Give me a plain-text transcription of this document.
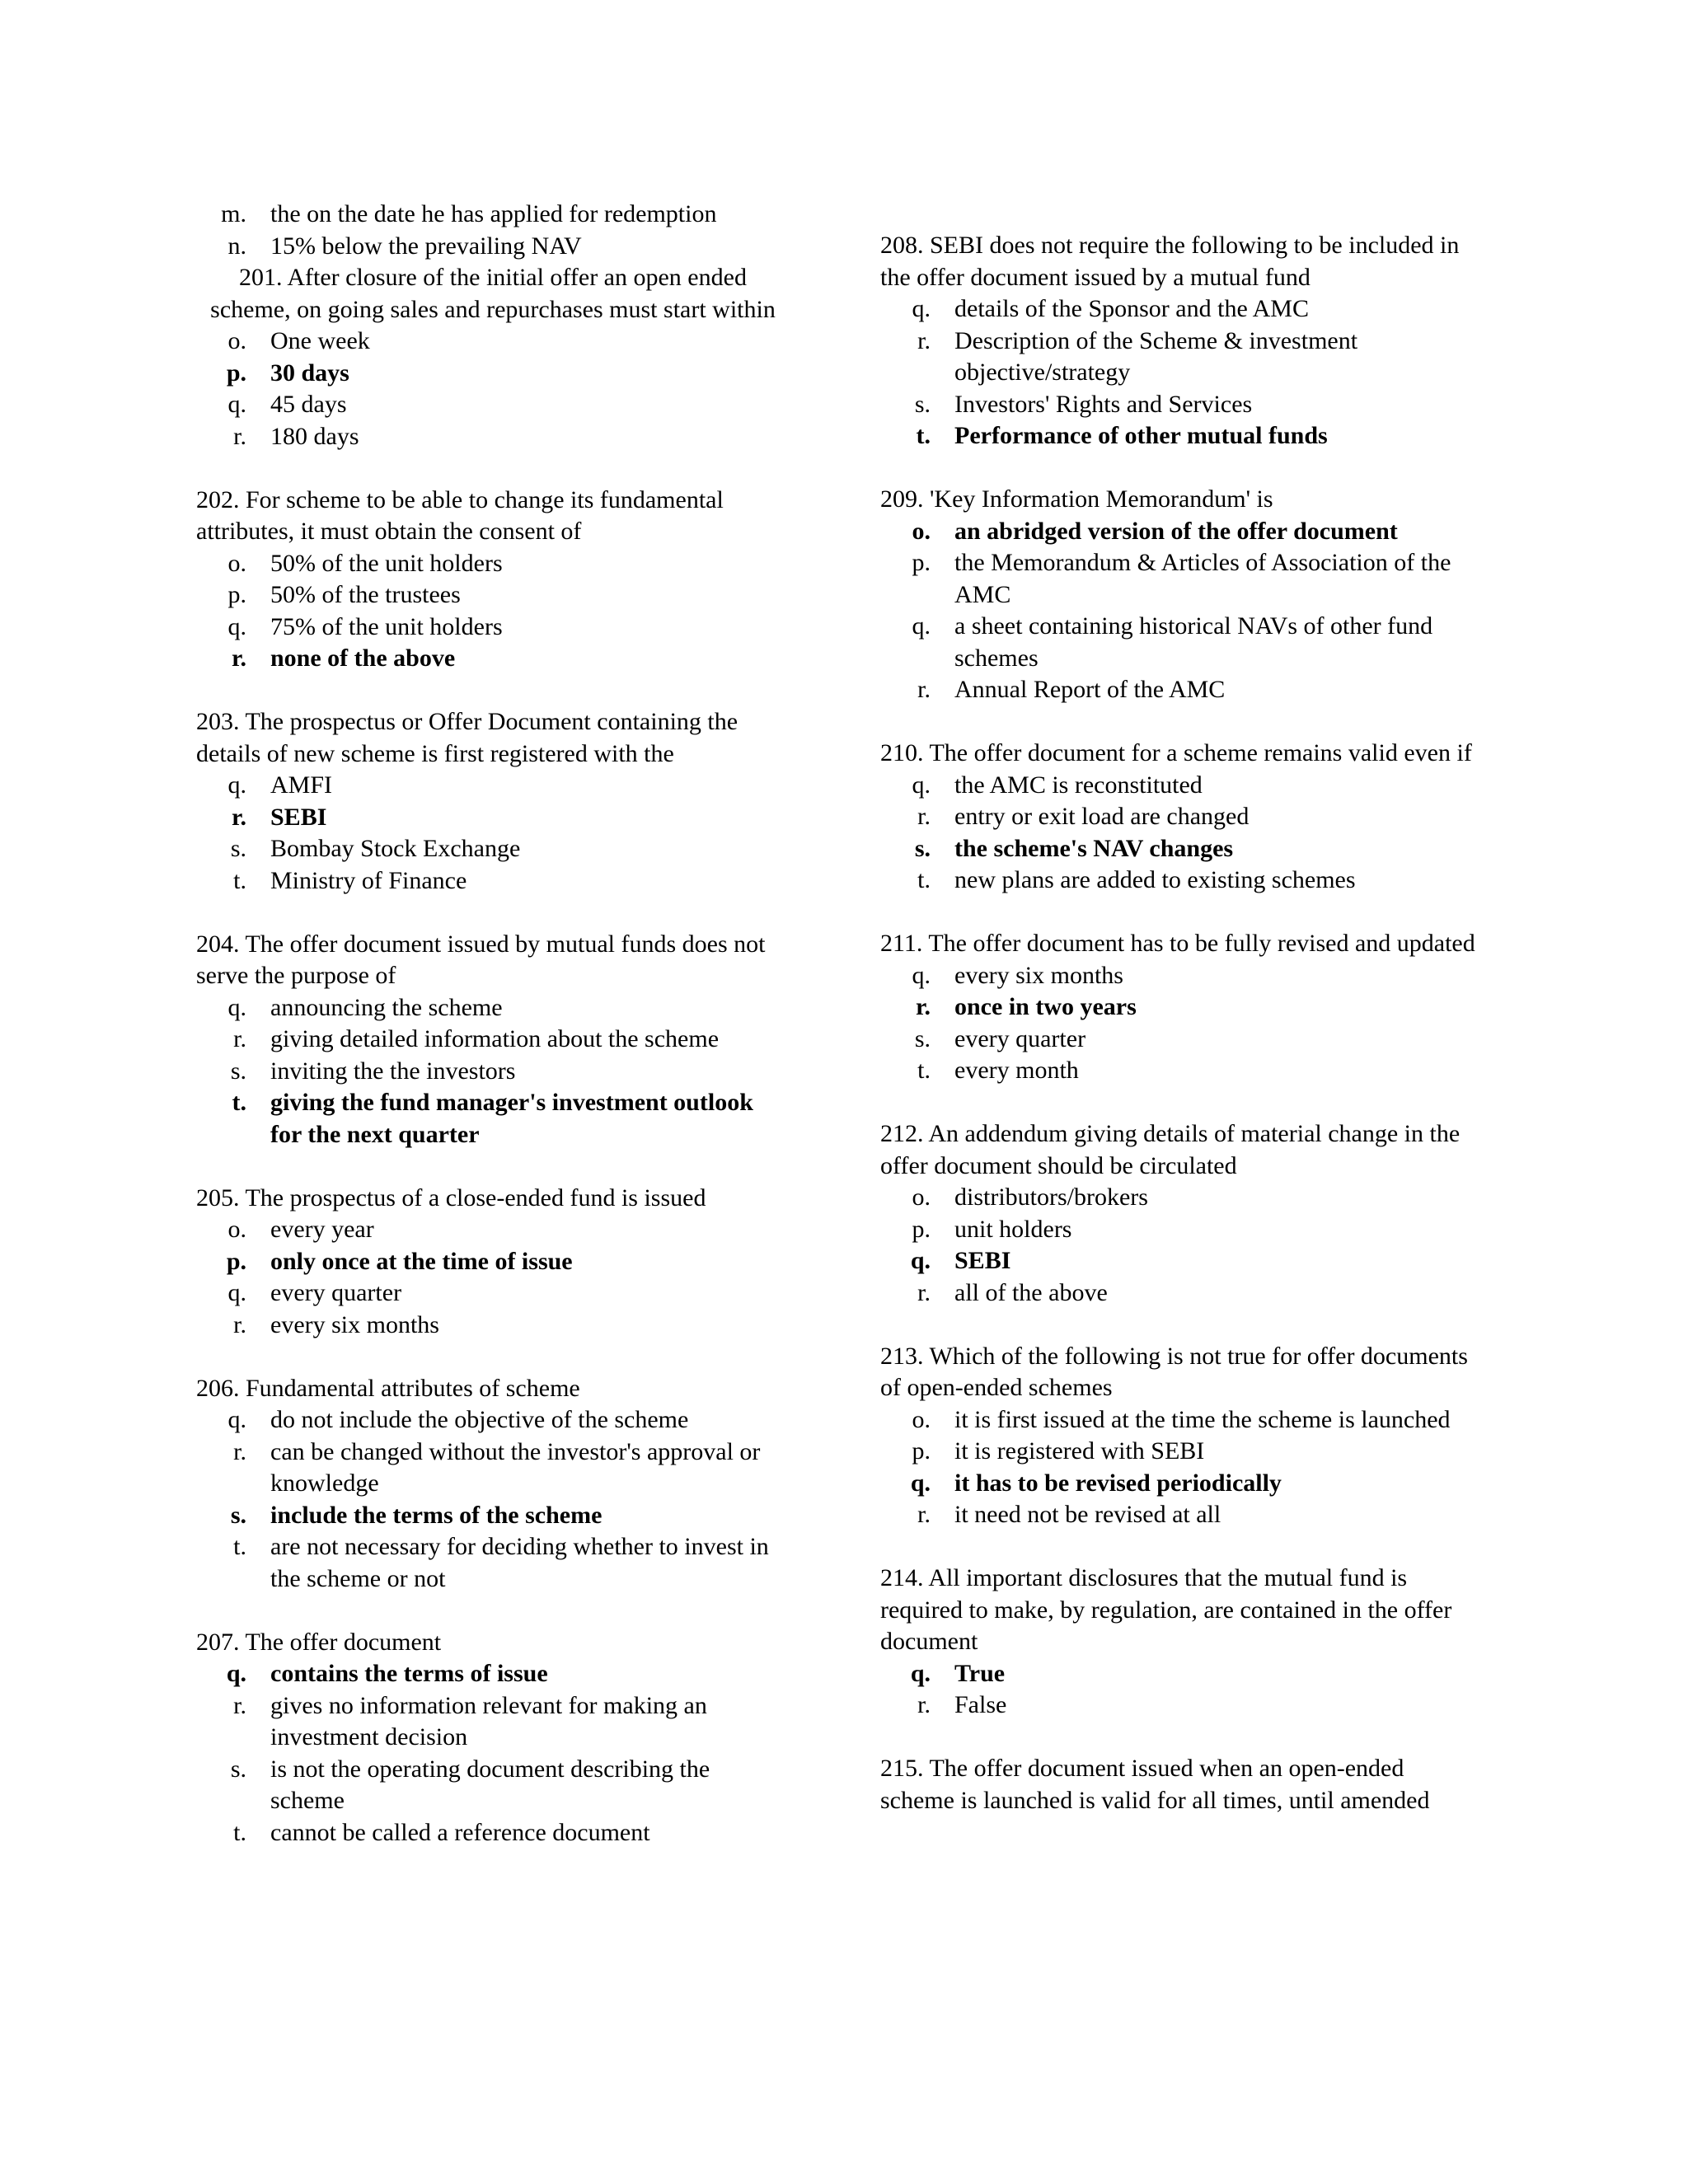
m. the on the date he has applied for redemption
n. 15% below the prevailing NAV

201. After closure of the initial offer an open ended scheme, on going sales and repurchases must start within

o. One week
p. 30 days
q. 45 days
r. 180 days

202. For scheme to be able to change its fundamental attributes, it must obtain the consent of

o. 50% of the unit holders
p. 50% of the trustees
q. 75% of the unit holders
r. none of the above

203. The prospectus or Offer Document containing the details of new scheme is first registered with the

q. AMFI
r. SEBI
s. Bombay Stock Exchange
t. Ministry of Finance

204. The offer document issued by mutual funds does not serve the purpose of

q. announcing the scheme
r. giving detailed information about the scheme
s. inviting the the investors
t. giving the fund manager's investment outlook for the next quarter

205. The prospectus of a close-ended fund is issued

o. every year
p. only once at the time of issue
q. every quarter
r. every six months

206. Fundamental attributes of scheme

q. do not include the objective of the scheme
r. can be changed without the investor's approval or knowledge
s. include the terms of the scheme
t. are not necessary for deciding whether to invest in the scheme or not

207. The offer document

q. contains the terms of issue
r. gives no information relevant for making an investment decision
s. is not the operating document describing the scheme
t. cannot be called a reference document

208. SEBI does not require the following to be included in the offer document issued by a mutual fund

q. details of the Sponsor and the AMC
r. Description of the Scheme & investment objective/strategy
s. Investors' Rights and Services
t. Performance of other mutual funds

209. 'Key Information Memorandum' is

o. an abridged version of the offer document
p. the Memorandum & Articles of Association of the AMC
q. a sheet containing historical NAVs of other fund schemes
r. Annual Report of the AMC

210. The offer document for a scheme remains valid even if

q. the AMC is reconstituted
r. entry or exit load are changed
s. the scheme's NAV changes
t. new plans are added to existing schemes

211. The offer document has to be fully revised and updated

q. every six months
r. once in two years
s. every quarter
t. every month

212. An addendum giving details of material change in the offer document should be circulated

o. distributors/brokers
p. unit holders
q. SEBI
r. all of the above

213. Which of the following is not true for offer documents of open-ended schemes

o. it is first issued at the time the scheme is launched
p. it is registered with SEBI
q. it has to be revised periodically
r. it need not be revised at all

214. All important disclosures that the mutual fund is required to make, by regulation, are contained in the offer document

q. True
r. False

215. The offer document issued when an open-ended scheme is launched is valid for all times, until amended
